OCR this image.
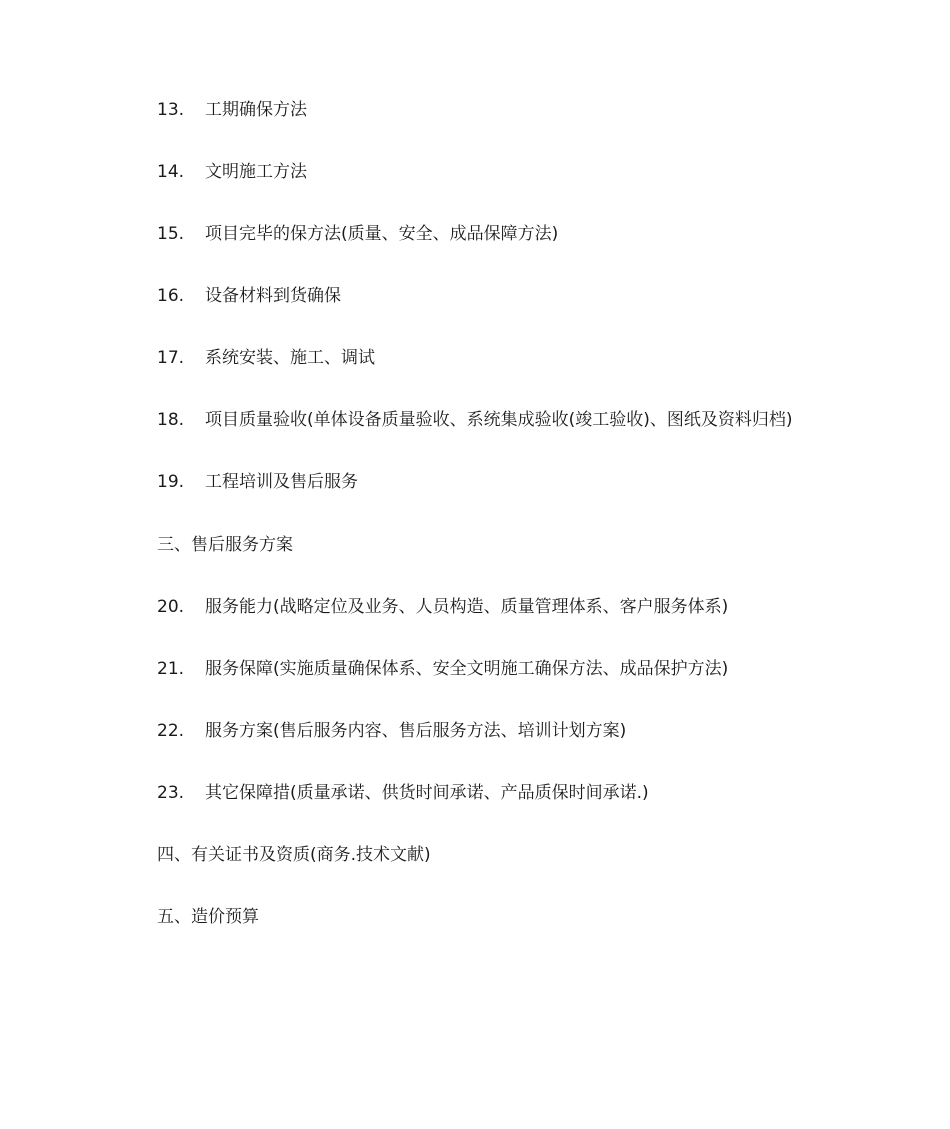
13. 工期确保方法
14. 文明施工方法
15. 项目完毕的保方法(质量、安全、成品保障方法)
16. 设备材料到货确保
17. 系统安装、施工、调试
18. 项目质量验收(单体设备质量验收、系统集成验收(竣工验收)、图纸及资料归档)
19. 工程培训及售后服务
三、售后服务方案
20. 服务能力(战略定位及业务、人员构造、质量管理体系、客户服务体系)
21. 服务保障(实施质量确保体系、安全文明施工确保方法、成品保护方法)
22. 服务方案(售后服务内容、售后服务方法、培训计划方案)
23. 其它保障措(质量承诺、供货时间承诺、产品质保时间承诺.)
四、有关证书及资质(商务.技术文献)
五、造价预算
